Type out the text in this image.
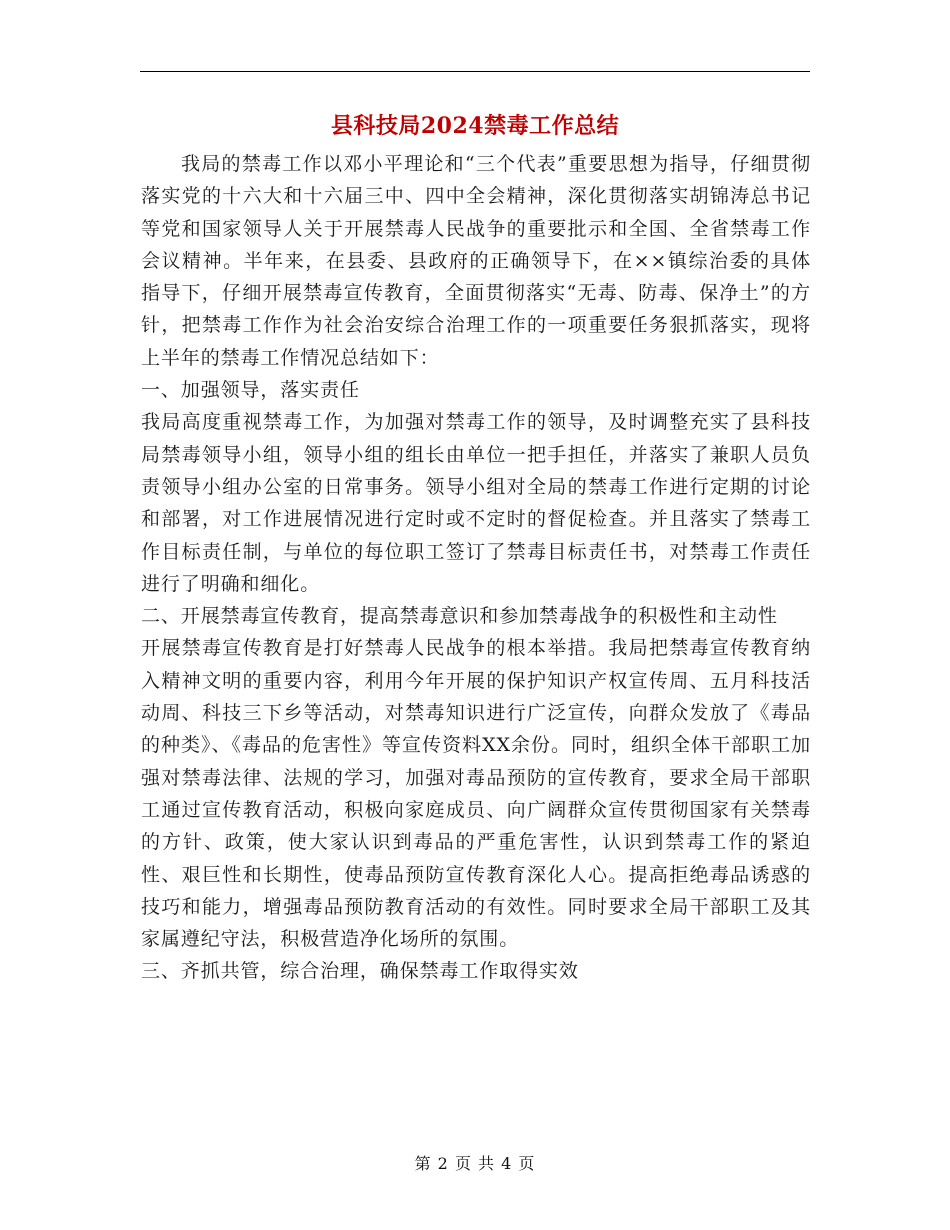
县科技局2024禁毒工作总结

我局的禁毒工作以邓小平理论和“三个代表”重要思想为指导，仔细贯彻落实党的十六大和十六届三中、四中全会精神，深化贯彻落实胡锦涛总书记等党和国家领导人关于开展禁毒人民战争的重要批示和全国、全省禁毒工作会议精神。半年来，在县委、县政府的正确领导下，在××镇综治委的具体指导下，仔细开展禁毒宣传教育，全面贯彻落实“无毒、防毒、保净土”的方针，把禁毒工作作为社会治安综合治理工作的一项重要任务狠抓落实，现将上半年的禁毒工作情况总结如下：

一、加强领导，落实责任

我局高度重视禁毒工作，为加强对禁毒工作的领导，及时调整充实了县科技局禁毒领导小组，领导小组的组长由单位一把手担任，并落实了兼职人员负责领导小组办公室的日常事务。领导小组对全局的禁毒工作进行定期的讨论和部署，对工作进展情况进行定时或不定时的督促检查。并且落实了禁毒工作目标责任制，与单位的每位职工签订了禁毒目标责任书，对禁毒工作责任进行了明确和细化。

二、开展禁毒宣传教育，提高禁毒意识和参加禁毒战争的积极性和主动性

开展禁毒宣传教育是打好禁毒人民战争的根本举措。我局把禁毒宣传教育纳入精神文明的重要内容，利用今年开展的保护知识产权宣传周、五月科技活动周、科技三下乡等活动，对禁毒知识进行广泛宣传，向群众发放了《毒品的种类》、《毒品的危害性》等宣传资料XX余份。同时，组织全体干部职工加强对禁毒法律、法规的学习，加强对毒品预防的宣传教育，要求全局干部职工通过宣传教育活动，积极向家庭成员、向广阔群众宣传贯彻国家有关禁毒的方针、政策，使大家认识到毒品的严重危害性，认识到禁毒工作的紧迫性、艰巨性和长期性，使毒品预防宣传教育深化人心。提高拒绝毒品诱惑的技巧和能力，增强毒品预防教育活动的有效性。同时要求全局干部职工及其家属遵纪守法，积极营造净化场所的氛围。

三、齐抓共管，综合治理，确保禁毒工作取得实效

第 2 页 共 4 页
